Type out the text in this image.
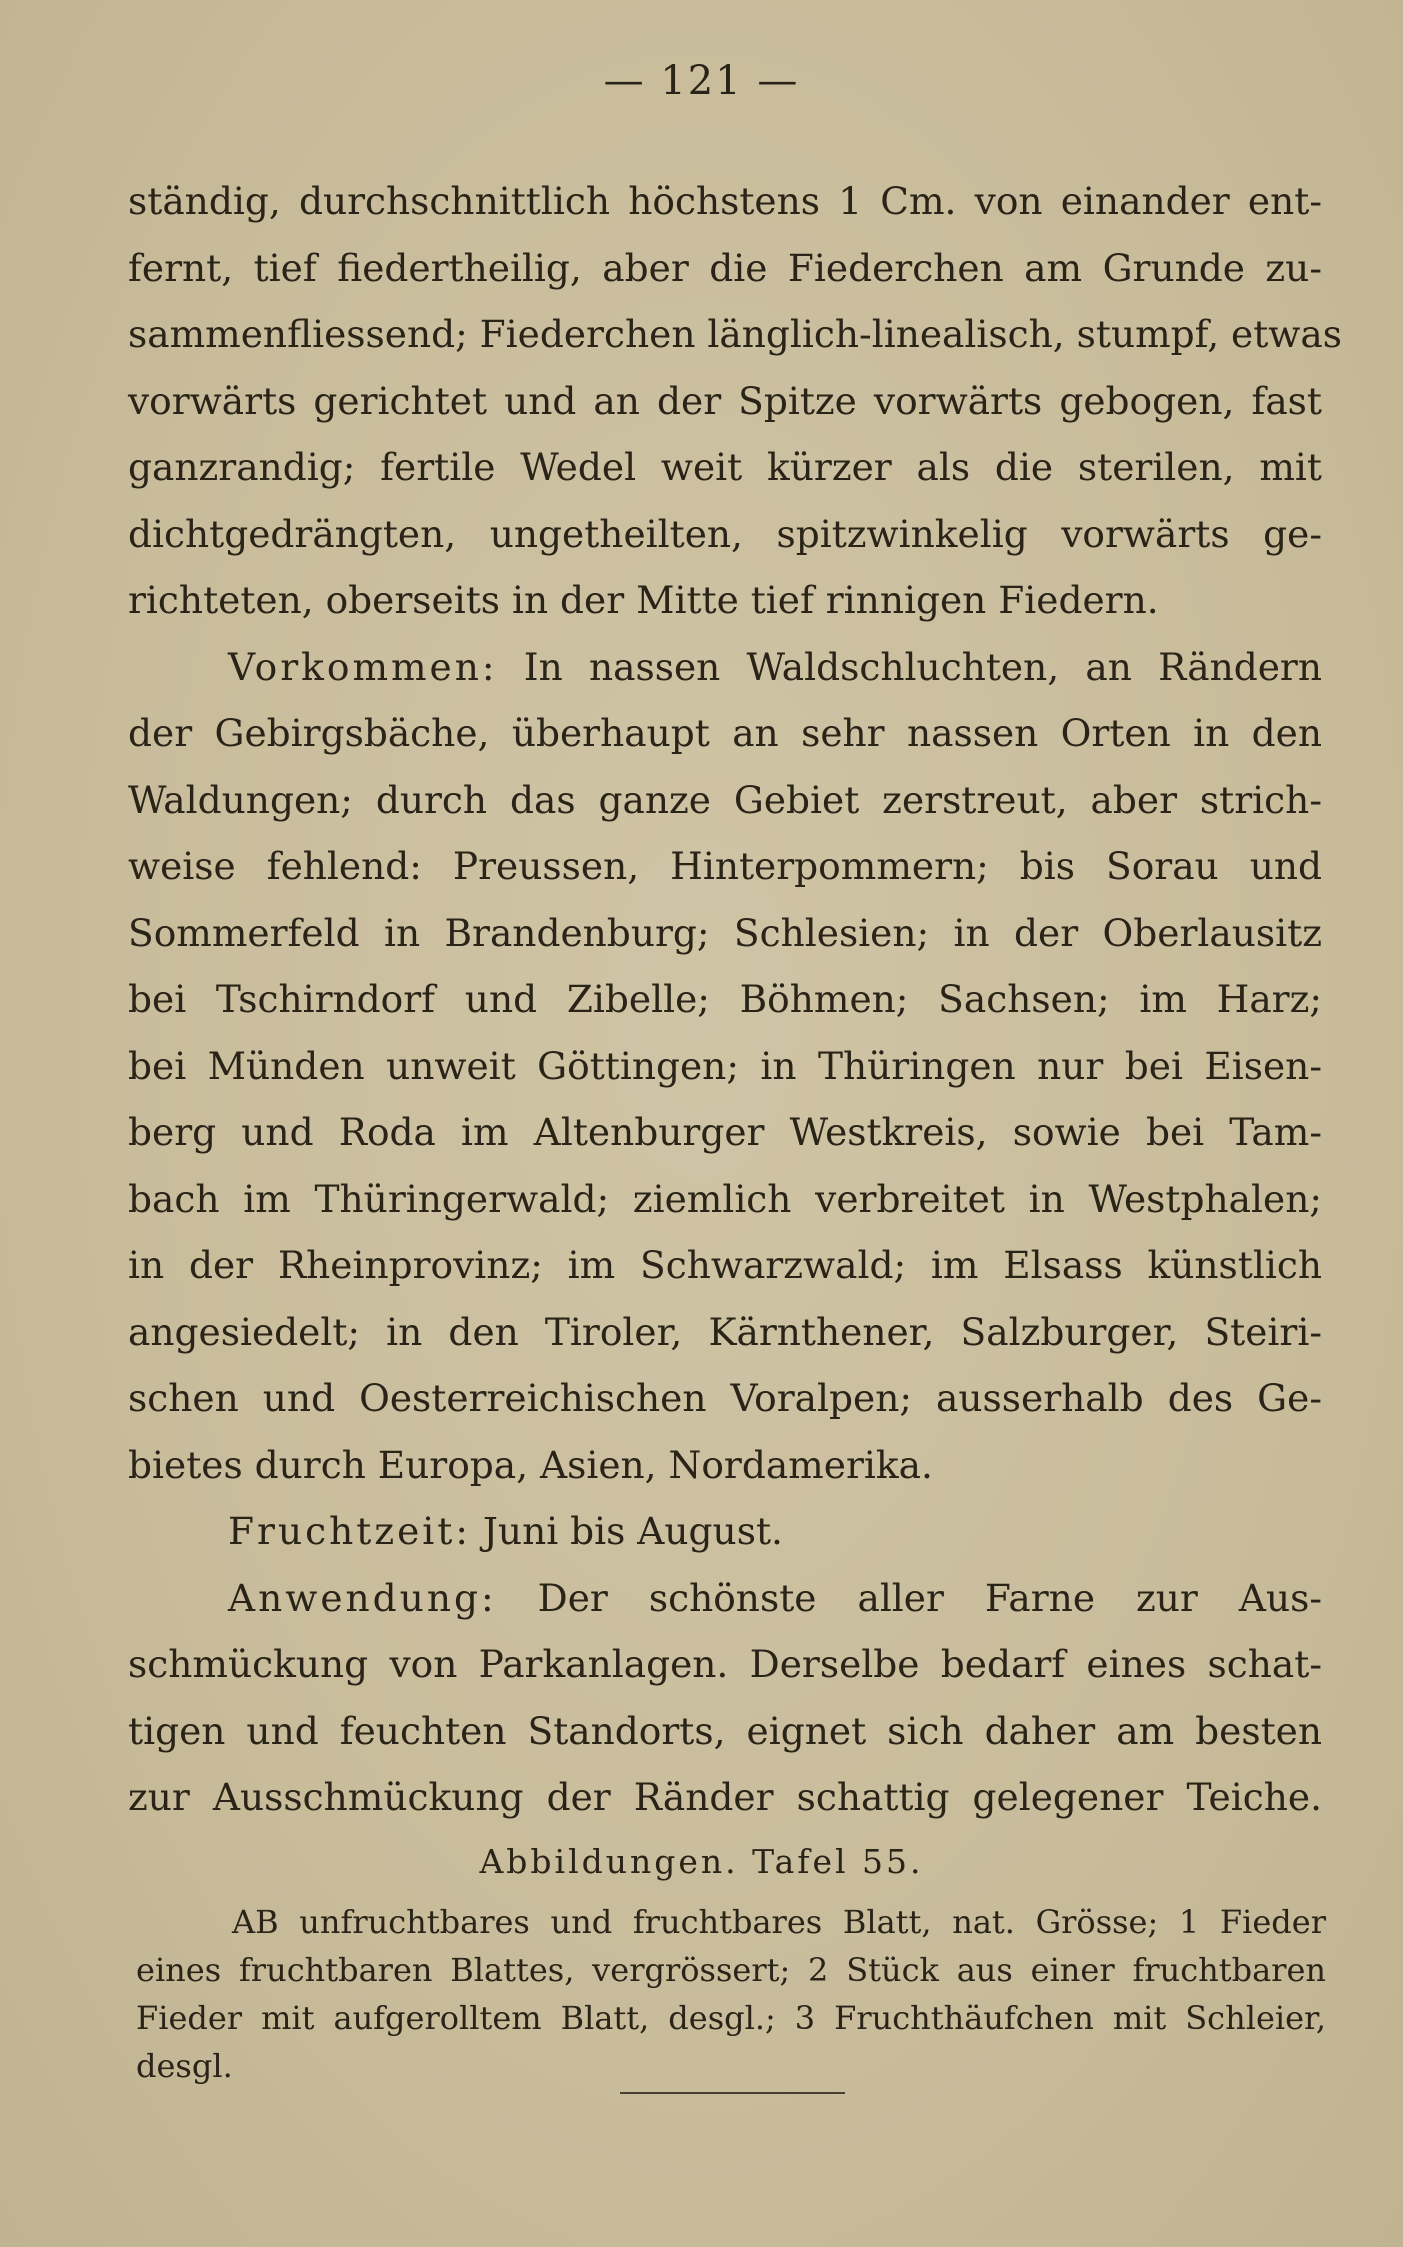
— 121 —
ständig, durchschnittlich höchstens 1 Cm. von einander ent-
fernt, tief fiedertheilig, aber die Fiederchen am Grunde zu-
sammenfliessend; Fiederchen länglich-linealisch, stumpf, etwas
vorwärts gerichtet und an der Spitze vorwärts gebogen, fast
ganzrandig; fertile Wedel weit kürzer als die sterilen, mit
dichtgedrängten, ungetheilten, spitzwinkelig vorwärts ge-
richteten, oberseits in der Mitte tief rinnigen Fiedern.
Vorkommen: In nassen Waldschluchten, an Rändern
der Gebirgsbäche, überhaupt an sehr nassen Orten in den
Waldungen; durch das ganze Gebiet zerstreut, aber strich-
weise fehlend: Preussen, Hinterpommern; bis Sorau und
Sommerfeld in Brandenburg; Schlesien; in der Oberlausitz
bei Tschirndorf und Zibelle; Böhmen; Sachsen; im Harz;
bei Münden unweit Göttingen; in Thüringen nur bei Eisen-
berg und Roda im Altenburger Westkreis, sowie bei Tam-
bach im Thüringerwald; ziemlich verbreitet in Westphalen;
in der Rheinprovinz; im Schwarzwald; im Elsass künstlich
angesiedelt; in den Tiroler, Kärnthener, Salzburger, Steiri-
schen und Oesterreichischen Voralpen; ausserhalb des Ge-
bietes durch Europa, Asien, Nordamerika.
Fruchtzeit: Juni bis August.
Anwendung: Der schönste aller Farne zur Aus-
schmückung von Parkanlagen. Derselbe bedarf eines schat-
tigen und feuchten Standorts, eignet sich daher am besten
zur Ausschmückung der Ränder schattig gelegener Teiche.
Abbildungen. Tafel 55.
AB unfruchtbares und fruchtbares Blatt, nat. Grösse; 1 Fieder
eines fruchtbaren Blattes, vergrössert; 2 Stück aus einer fruchtbaren
Fieder mit aufgerolltem Blatt, desgl.; 3 Fruchthäufchen mit Schleier,
desgl.
